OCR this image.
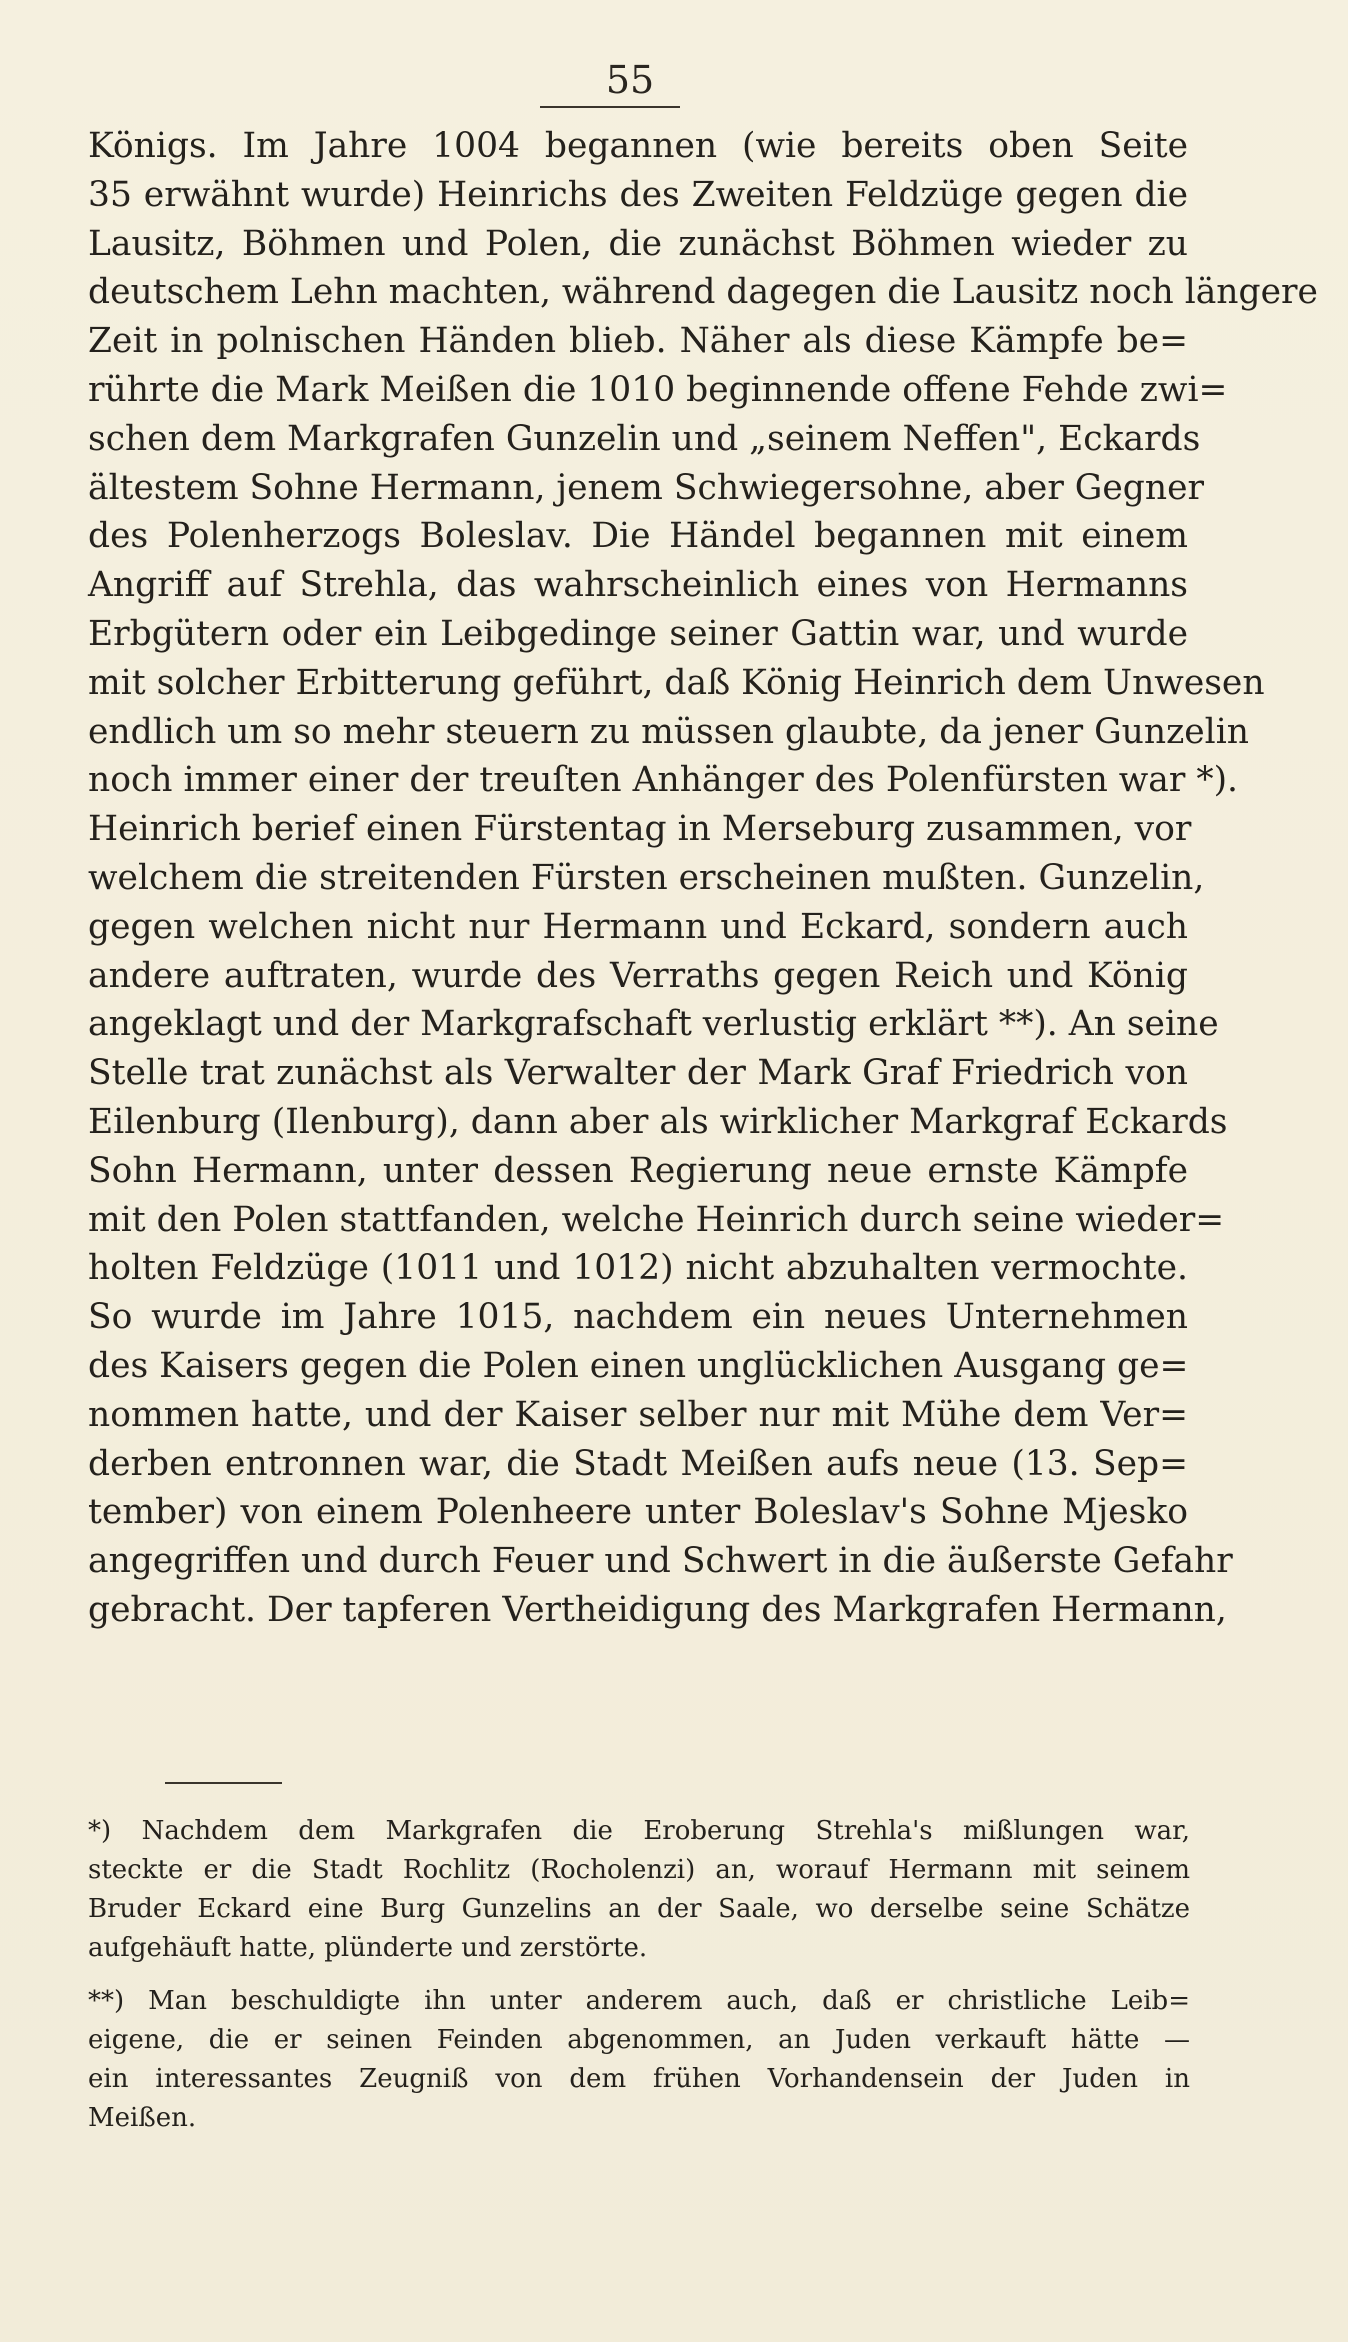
55
Königs. Im Jahre 1004 begannen (wie bereits oben Seite
35 erwähnt wurde) Heinrichs des Zweiten Feldzüge gegen die
Lausitz, Böhmen und Polen, die zunächst Böhmen wieder zu
deutschem Lehn machten, während dagegen die Lausitz noch längere
Zeit in polnischen Händen blieb. Näher als diese Kämpfe be=
rührte die Mark Meißen die 1010 beginnende offene Fehde zwi=
schen dem Markgrafen Gunzelin und „seinem Neffen", Eckards
ältestem Sohne Hermann, jenem Schwiegersohne, aber Gegner
des Polenherzogs Boleslav. Die Händel begannen mit einem
Angriff auf Strehla, das wahrscheinlich eines von Hermanns
Erbgütern oder ein Leibgedinge seiner Gattin war, und wurde
mit solcher Erbitterung geführt, daß König Heinrich dem Unwesen
endlich um so mehr steuern zu müssen glaubte, da jener Gunzelin
noch immer einer der treuſten Anhänger des Polenfürsten war *).
Heinrich berief einen Fürstentag in Merseburg zusammen, vor
welchem die streitenden Fürsten erscheinen mußten. Gunzelin,
gegen welchen nicht nur Hermann und Eckard, sondern auch
andere auftraten, wurde des Verraths gegen Reich und König
angeklagt und der Markgrafschaft verlustig erklärt **). An seine
Stelle trat zunächst als Verwalter der Mark Graf Friedrich von
Eilenburg (Ilenburg), dann aber als wirklicher Markgraf Eckards
Sohn Hermann, unter dessen Regierung neue ernste Kämpfe
mit den Polen stattfanden, welche Heinrich durch seine wieder=
holten Feldzüge (1011 und 1012) nicht abzuhalten vermochte.
So wurde im Jahre 1015, nachdem ein neues Unternehmen
des Kaisers gegen die Polen einen unglücklichen Ausgang ge=
nommen hatte, und der Kaiser selber nur mit Mühe dem Ver=
derben entronnen war, die Stadt Meißen aufs neue (13. Sep=
tember) von einem Polenheere unter Boleslav's Sohne Mjesko
angegriffen und durch Feuer und Schwert in die äußerste Gefahr
gebracht. Der tapferen Vertheidigung des Markgrafen Hermann,
*) Nachdem dem Markgrafen die Eroberung Strehla's mißlungen war,
steckte er die Stadt Rochlitz (Rocholenzi) an, worauf Hermann mit seinem
Bruder Eckard eine Burg Gunzelins an der Saale, wo derselbe seine Schätze
aufgehäuft hatte, plünderte und zerstörte.
**) Man beschuldigte ihn unter anderem auch, daß er christliche Leib=
eigene, die er seinen Feinden abgenommen, an Juden verkauft hätte —
ein interessantes Zeugniß von dem frühen Vorhandensein der Juden in
Meißen.
